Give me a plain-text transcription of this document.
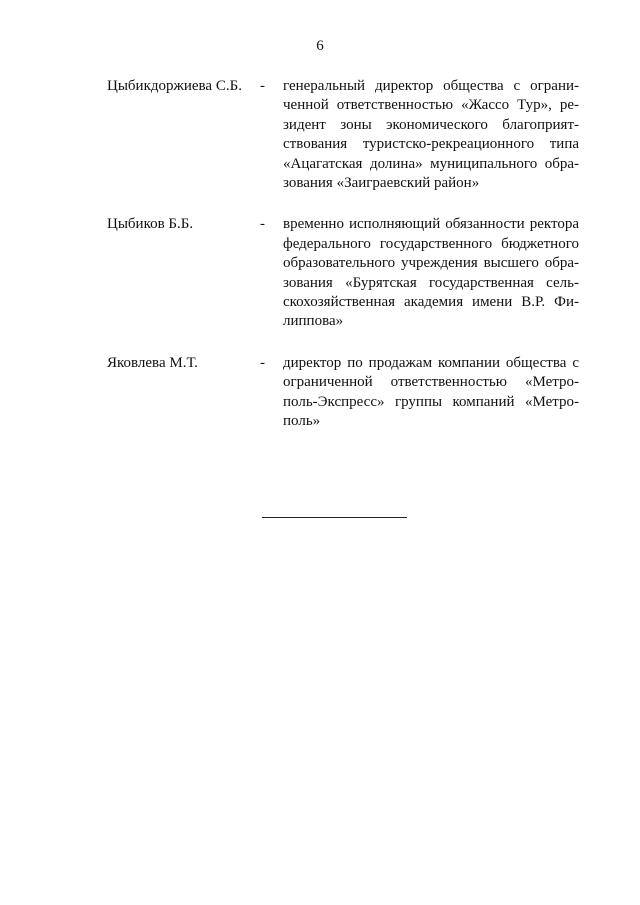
6
Цыбикдоржиева С.Б. - генеральный директор общества с ограни-
ченной ответственностью «Жассо Тур», ре-
зидент зоны экономического благоприят-
ствования туристско-рекреационного типа
«Ацагатская долина» муниципального обра-
зования «Заиграевский район»
Цыбиков Б.Б.	- временно исполняющий обязанности ректора
федерального государственного бюджетного
образовательного учреждения высшего обра-
зования «Бурятская государственная сель-
скохозяйственная академия имени В.Р. Фи-
липпова»
Яковлева М.Т.	- директор по продажам компании общества с
ограниченной ответственностью «Метро-
поль-Экспресс» группы компаний «Метро-
поль»
